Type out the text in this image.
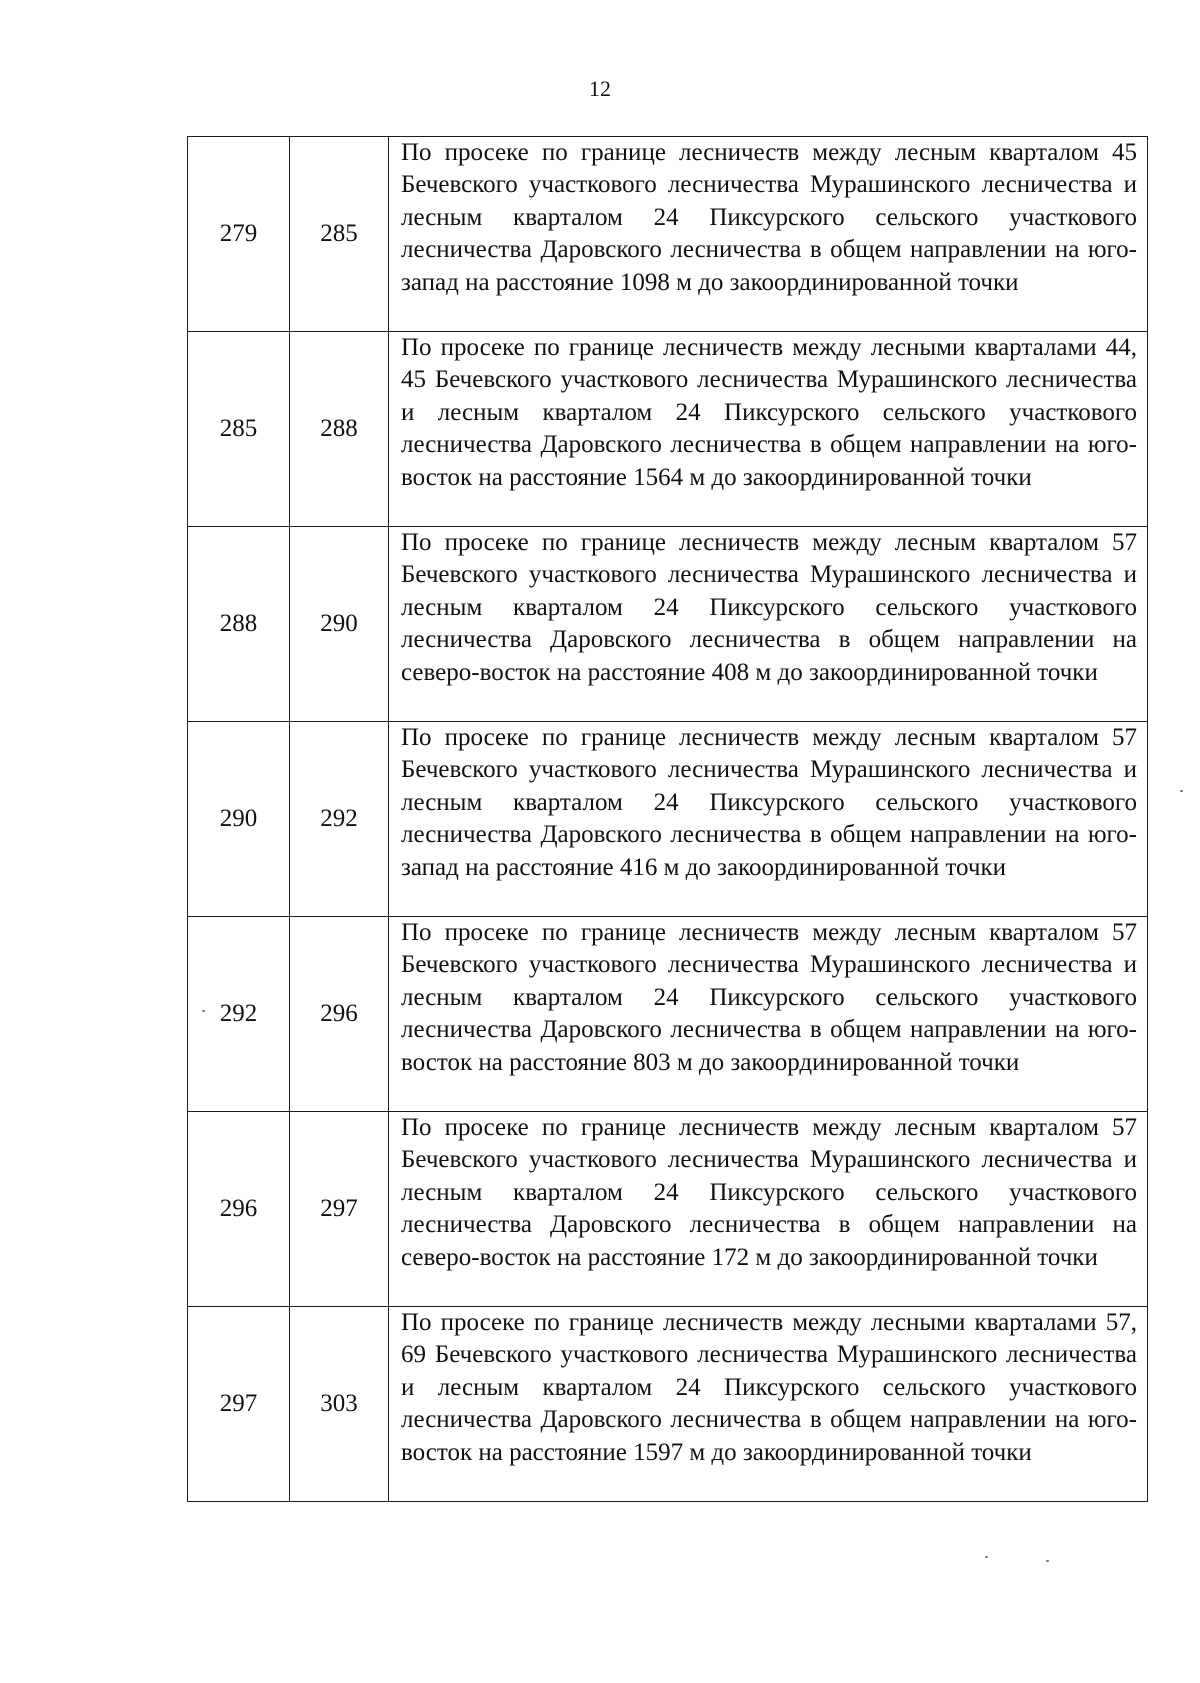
12
279	285	По просеке по границе лесничеств между лесным кварталом 45 Бечевского участкового лесничества Мурашинского лесничества и лесным кварталом 24 Пиксурского сельского участкового лесничества Даровского лесничества в общем направлении на юго-запад на расстояние 1098 м до закоординированной точки
285	288	По просеке по границе лесничеств между лесными кварталами 44, 45 Бечевского участкового лесничества Мурашинского лесничества и лесным кварталом 24 Пиксурского сельского участкового лесничества Даровского лесничества в общем направлении на юго-восток на расстояние 1564 м до закоординированной точки
288	290	По просеке по границе лесничеств между лесным кварталом 57 Бечевского участкового лесничества Мурашинского лесничества и лесным кварталом 24 Пиксурского сельского участкового лесничества Даровского лесничества в общем направлении на северо-восток на расстояние 408 м до закоординированной точки
290	292	По просеке по границе лесничеств между лесным кварталом 57 Бечевского участкового лесничества Мурашинского лесничества и лесным кварталом 24 Пиксурского сельского участкового лесничества Даровского лесничества в общем направлении на юго-запад на расстояние 416 м до закоординированной точки
292	296	По просеке по границе лесничеств между лесным кварталом 57 Бечевского участкового лесничества Мурашинского лесничества и лесным кварталом 24 Пиксурского сельского участкового лесничества Даровского лесничества в общем направлении на юго-восток на расстояние 803 м до закоординированной точки
296	297	По просеке по границе лесничеств между лесным кварталом 57 Бечевского участкового лесничества Мурашинского лесничества и лесным кварталом 24 Пиксурского сельского участкового лесничества Даровского лесничества в общем направлении на северо-восток на расстояние 172 м до закоординированной точки
297	303	По просеке по границе лесничеств между лесными кварталами 57, 69 Бечевского участкового лесничества Мурашинского лесничества и лесным кварталом 24 Пиксурского сельского участкового лесничества Даровского лесничества в общем направлении на юго-восток на расстояние 1597 м до закоординированной точки
